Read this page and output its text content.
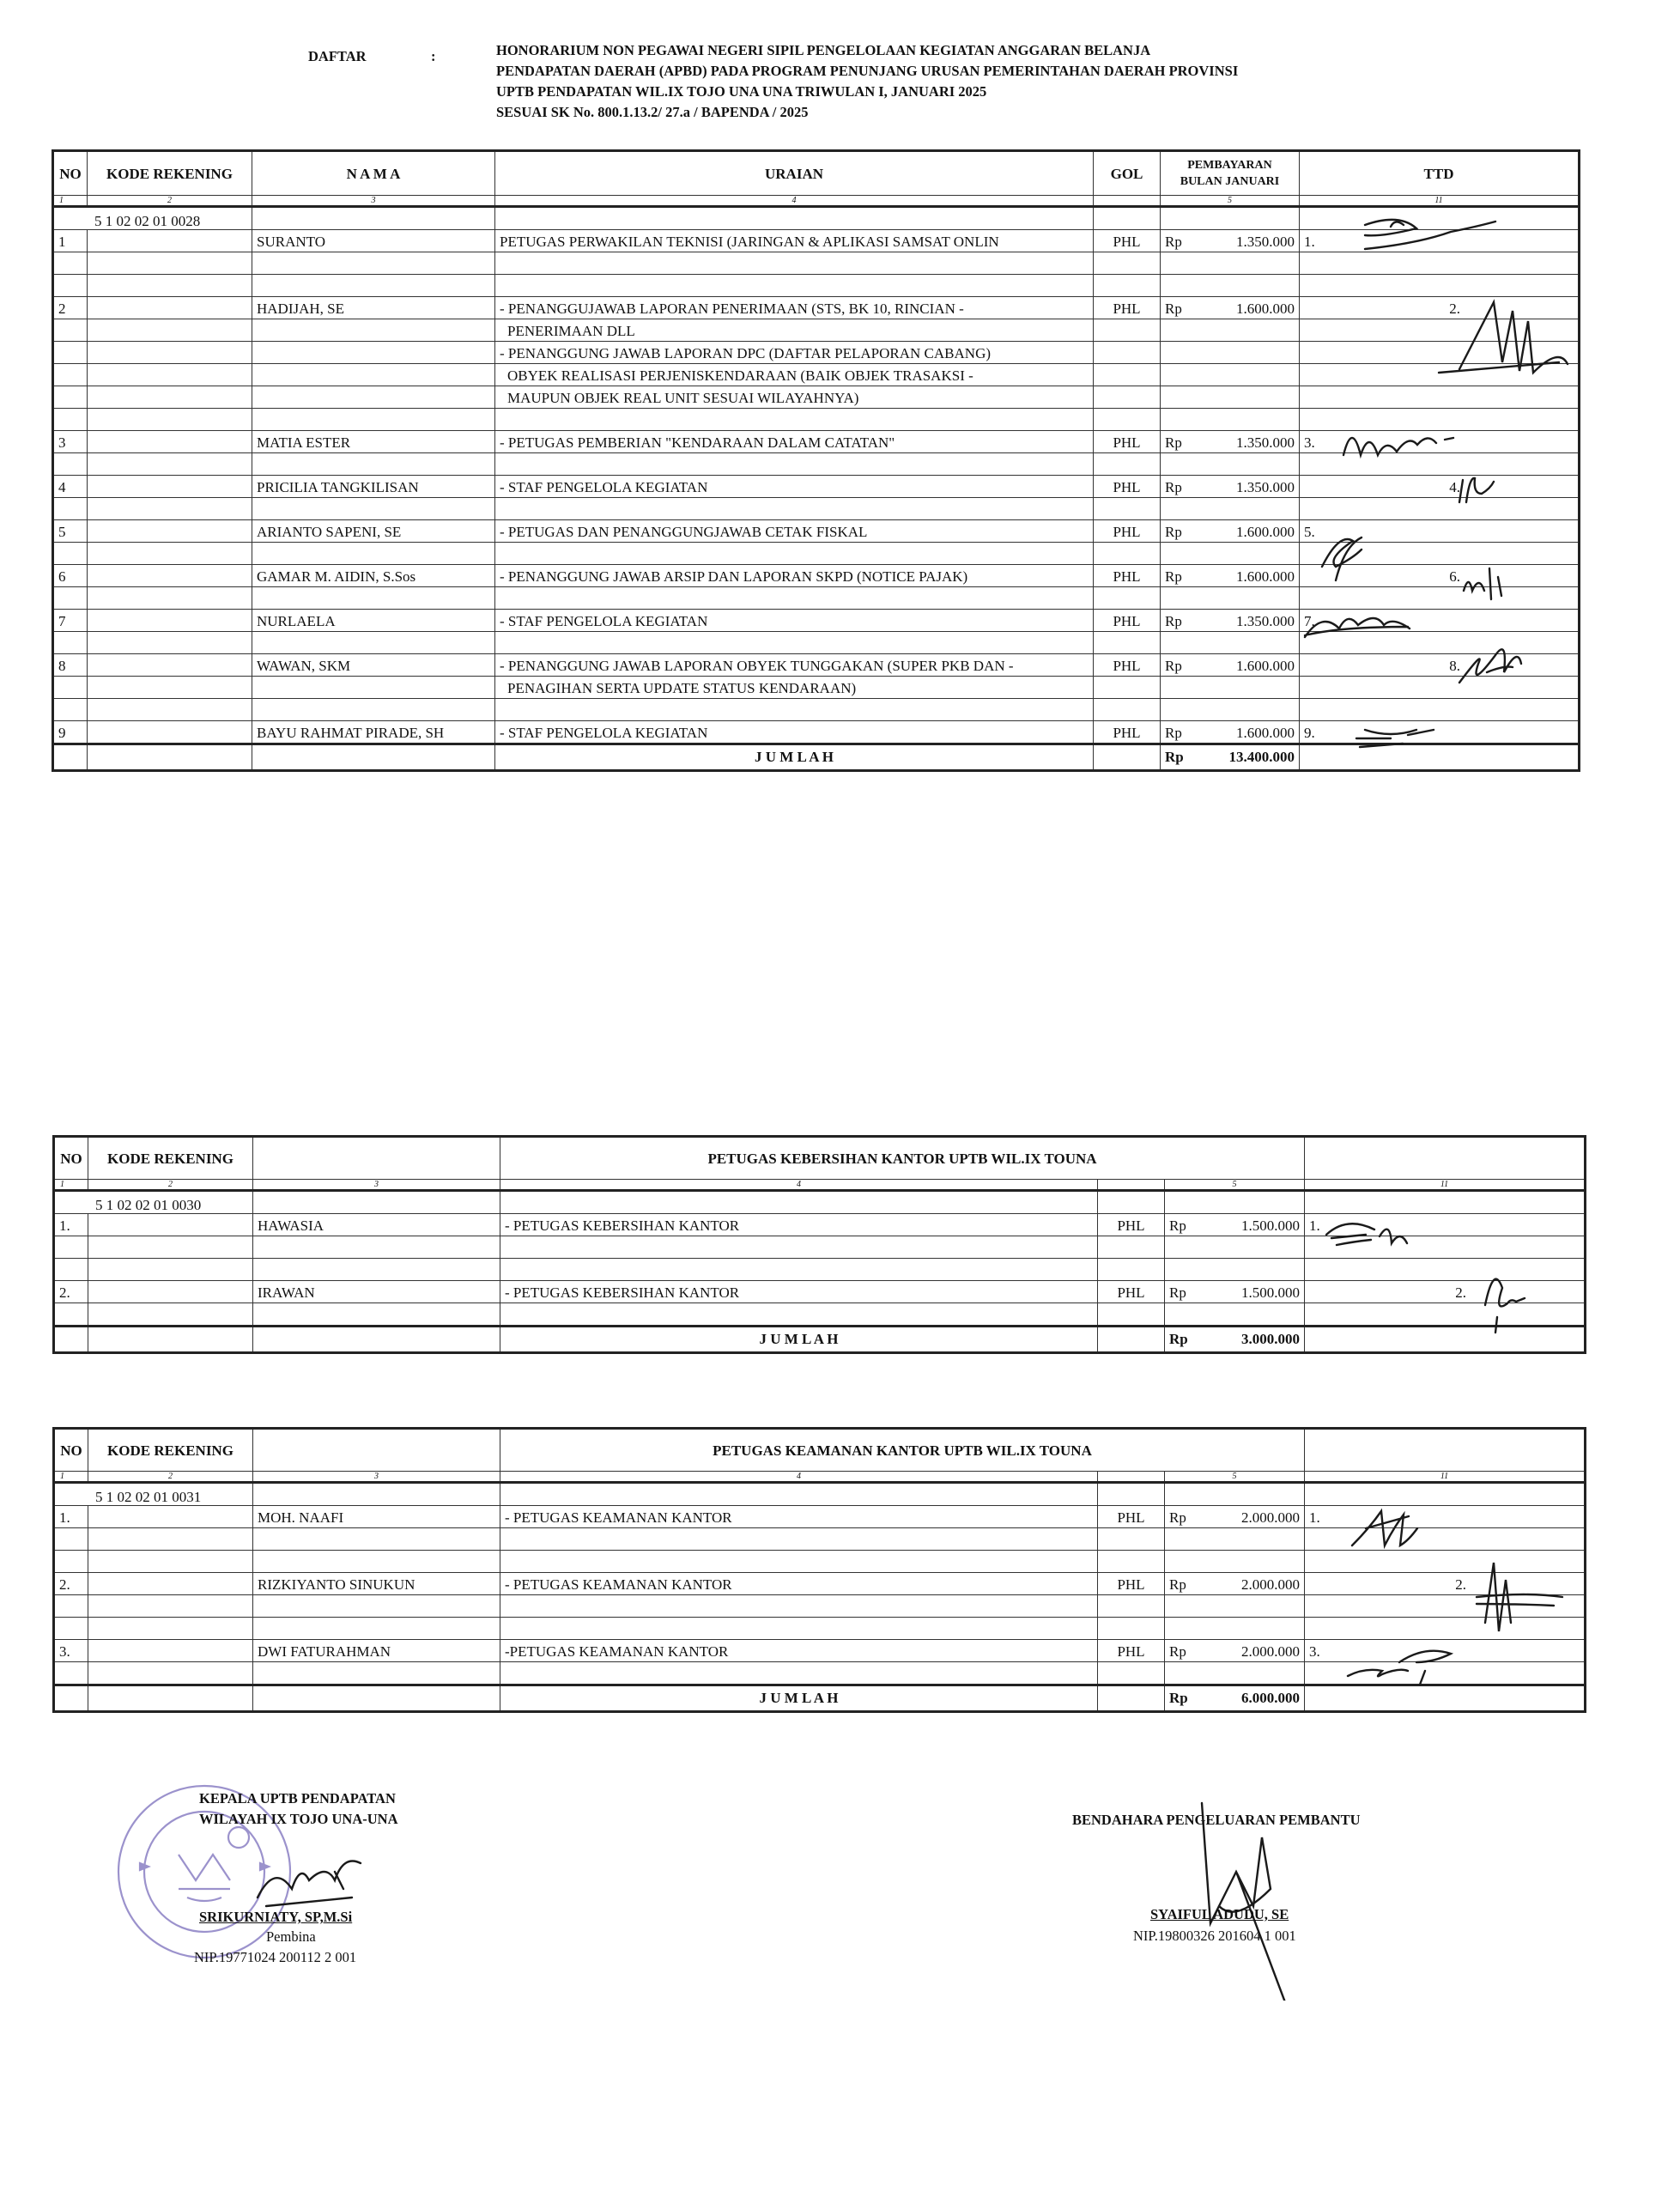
DAFTAR	:	HONORARIUM NON PEGAWAI NEGERI SIPIL PENGELOLAAN KEGIATAN ANGGARAN BELANJA
PENDAPATAN DAERAH (APBD) PADA PROGRAM PENUNJANG URUSAN PEMERINTAHAN DAERAH PROVINSI
UPTB PENDAPATAN WIL.IX TOJO UNA UNA TRIWULAN I, JANUARI 2025
SESUAI SK No. 800.1.13.2/ 27.a / BAPENDA / 2025
NO	KODE REKENING	N A M A	URAIAN	GOL	PEMBAYARAN BULAN JANUARI	TTD
1	2	3	4		5	11
5 1 02 02 01 0028						
1		SURANTO	PETUGAS PERWAKILAN TEKNISI (JARINGAN & APLIKASI SAMSAT ONLIN	PHL	Rp 1.350.000	1.

2		HADIJAH, SE	- PENANGGUJAWAB LAPORAN PENERIMAAN (STS, BK 10, RINCIAN -	PHL	Rp 1.600.000	2.
			PENERIMAAN DLL			
			- PENANGGUNG JAWAB LAPORAN DPC (DAFTAR PELAPORAN CABANG)			
			OBYEK REALISASI PERJENISKENDARAAN (BAIK OBJEK TRASAKSI -			
			MAUPUN OBJEK REAL UNIT SESUAI WILAYAHNYA)			

3		MATIA ESTER	- PETUGAS PEMBERIAN "KENDARAAN DALAM CATATAN"	PHL	Rp 1.350.000	3.

4		PRICILIA TANGKILISAN	- STAF PENGELOLA KEGIATAN	PHL	Rp 1.350.000	4.

5		ARIANTO SAPENI, SE	- PETUGAS DAN PENANGGUNGJAWAB CETAK FISKAL	PHL	Rp 1.600.000	5.

6		GAMAR M. AIDIN, S.Sos	- PENANGGUNG JAWAB ARSIP DAN LAPORAN SKPD (NOTICE PAJAK)	PHL	Rp 1.600.000	6.

7		NURLAELA	- STAF PENGELOLA KEGIATAN	PHL	Rp 1.350.000	7.

8		WAWAN, SKM	- PENANGGUNG JAWAB LAPORAN OBYEK TUNGGAKAN (SUPER PKB DAN -	PHL	Rp 1.600.000	8.
			PENAGIHAN SERTA UPDATE STATUS KENDARAAN)			

9		BAYU RAHMAT PIRADE, SH	- STAF PENGELOLA KEGIATAN	PHL	Rp 1.600.000	9.
			J U M L A H		Rp 13.400.000	

NO	KODE REKENING		PETUGAS KEBERSIHAN KANTOR UPTB WIL.IX TOUNA			
1	2	3	4		5	11
5 1 02 02 01 0030						
1.		HAWASIA	- PETUGAS KEBERSIHAN KANTOR	PHL	Rp 1.500.000	1.

2.		IRAWAN	- PETUGAS KEBERSIHAN KANTOR	PHL	Rp 1.500.000	2.

			J U M L A H		Rp 3.000.000	

NO	KODE REKENING		PETUGAS KEAMANAN KANTOR UPTB WIL.IX TOUNA			
1	2	3	4		5	11
5 1 02 02 01 0031						
1.		MOH. NAAFI	- PETUGAS KEAMANAN KANTOR	PHL	Rp 2.000.000	1.

2.		RIZKIYANTO SINUKUN	- PETUGAS KEAMANAN KANTOR	PHL	Rp 2.000.000	2.

3.		DWI FATURAHMAN	-PETUGAS KEAMANAN KANTOR	PHL	Rp 2.000.000	3.

			J U M L A H		Rp 6.000.000	

KEPALA UPTB PENDAPATAN
WILAYAH IX TOJO UNA-UNA
SRIKURNIATY, SP,M.Si
Pembina
NIP.19771024 200112 2 001
BENDAHARA PENGELUARAN PEMBANTU
SYAIFUL ADUDU, SE
NIP.19800326 201604 1 001
